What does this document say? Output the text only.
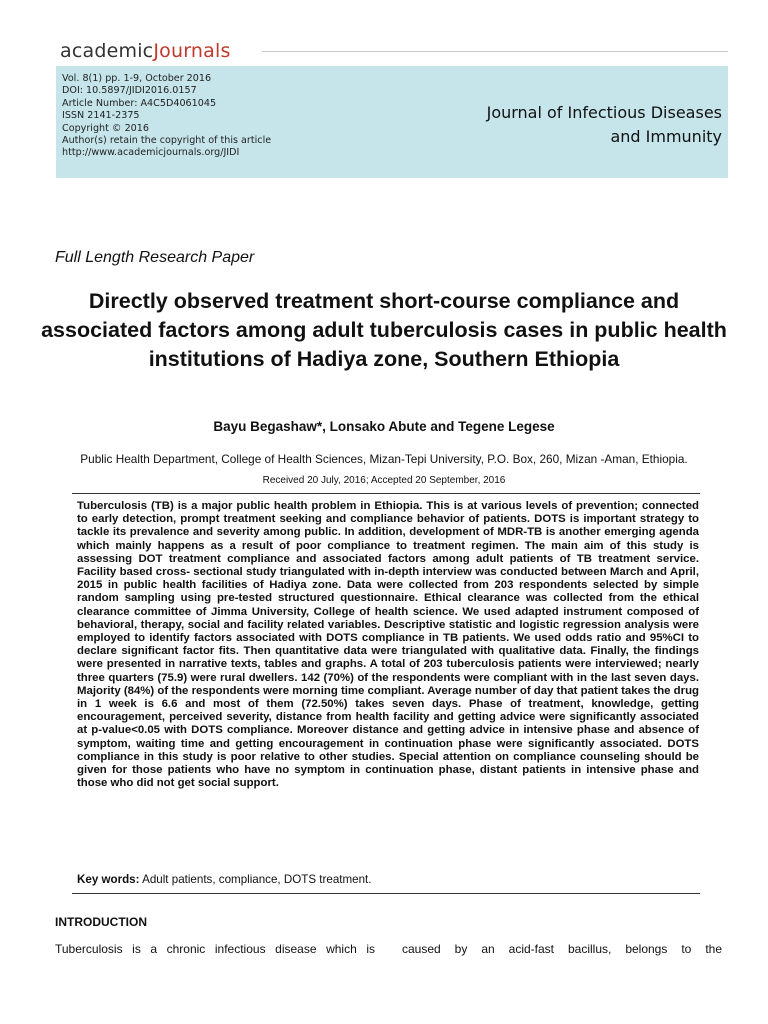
academicJournals
Vol. 8(1) pp. 1-9, October 2016
DOI: 10.5897/JIDI2016.0157
Article Number: A4C5D4061045
ISSN 2141-2375
Copyright © 2016
Author(s) retain the copyright of this article
http://www.academicjournals.org/JIDI
Journal of Infectious Diseases
and Immunity
Full Length Research Paper
Directly observed treatment short-course compliance and associated factors among adult tuberculosis cases in public health institutions of Hadiya zone, Southern Ethiopia
Bayu Begashaw*, Lonsako Abute and Tegene Legese
Public Health Department, College of Health Sciences, Mizan-Tepi University, P.O. Box, 260, Mizan -Aman, Ethiopia.
Received 20 July, 2016; Accepted 20 September, 2016
Tuberculosis (TB) is a major public health problem in Ethiopia. This is at various levels of prevention; connected to early detection, prompt treatment seeking and compliance behavior of patients. DOTS is important strategy to tackle its prevalence and severity among public. In addition, development of MDR-TB is another emerging agenda which mainly happens as a result of poor compliance to treatment regimen. The main aim of this study is assessing DOT treatment compliance and associated factors among adult patients of TB treatment service. Facility based cross- sectional study triangulated with in-depth interview was conducted between March and April, 2015 in public health facilities of Hadiya zone. Data were collected from 203 respondents selected by simple random sampling using pre-tested structured questionnaire. Ethical clearance was collected from the ethical clearance committee of Jimma University, College of health science. We used adapted instrument composed of behavioral, therapy, social and facility related variables. Descriptive statistic and logistic regression analysis were employed to identify factors associated with DOTS compliance in TB patients. We used odds ratio and 95%CI to declare significant factor fits. Then quantitative data were triangulated with qualitative data. Finally, the findings were presented in narrative texts, tables and graphs. A total of 203 tuberculosis patients were interviewed; nearly three quarters (75.9) were rural dwellers. 142 (70%) of the respondents were compliant with in the last seven days. Majority (84%) of the respondents were morning time compliant. Average number of day that patient takes the drug in 1 week is 6.6 and most of them (72.50%) takes seven days. Phase of treatment, knowledge, getting encouragement, perceived severity, distance from health facility and getting advice were significantly associated at p-value<0.05 with DOTS compliance. Moreover distance and getting advice in intensive phase and absence of symptom, waiting time and getting encouragement in continuation phase were significantly associated. DOTS compliance in this study is poor relative to other studies. Special attention on compliance counseling should be given for those patients who have no symptom in continuation phase, distant patients in intensive phase and those who did not get social support.
Key words: Adult patients, compliance, DOTS treatment.
INTRODUCTION
Tuberculosis is a chronic infectious disease which is caused by an acid-fast bacillus, belongs to the
